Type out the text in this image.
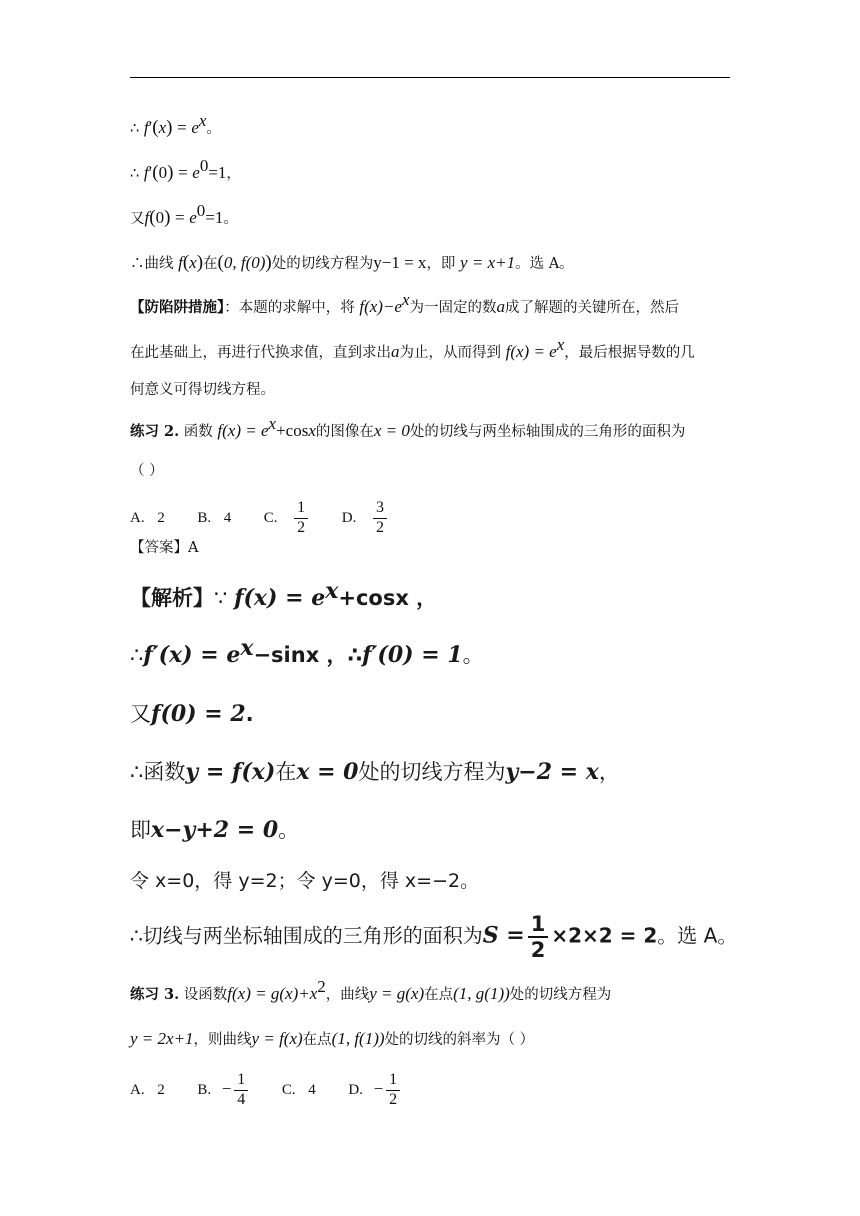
∴ $f'(x) = e^x$。
∴ $f'(0) = e^0=1$，
又$f(0) = e^0=1$。
∴曲线 f(x)在(0, f(0))处的切线方程为y−1 = x，即 y = x+1。选 A。
【防陷阱措施】：本题的求解中，将 $f(x)-e^x$为一固定的数a成了解题的关键所在，然后
在此基础上，再进行代换求值，直到求出a为止，从而得到 $f(x) = e^x$，最后根据导数的几
何意义可得切线方程。
练习 2. 函数 $f(x) = e^x+\cos x$的图像在x = 0处的切线与两坐标轴围成的三角形的面积为
（ ）
A. 2 B. 4 C. $\frac{1}{2} D$. $\frac{3}{2}$
【答案】A
【解析】∵ $f(x) = e^x+\cos x$ ，
∴f′(x) = $e^x-\sin x$ ，∴f′(0) = 1。
又f(0) = 2.
∴函数y = f(x)在x = 0处的切线方程为y−2 = x，
即x−y+2 = 0。
令 x=0，得 y=2；令 y=0，得 x=−2。
∴切线与两坐标轴围成的三角形的面积为$S = \frac{1}{2} \times 2\times 2 = 2$。选 A。
练习 3. 设函数$f(x) = g(x)+x^2$，曲线y = g(x)在点(1, g(1))处的切线方程为
y = 2x+1，则曲线y = f(x)在点(1, f(1))处的切线的斜率为（ ）
A. 2 B. − $\frac{1}{4} C$. 4 D. − $\frac{1}{2}$
